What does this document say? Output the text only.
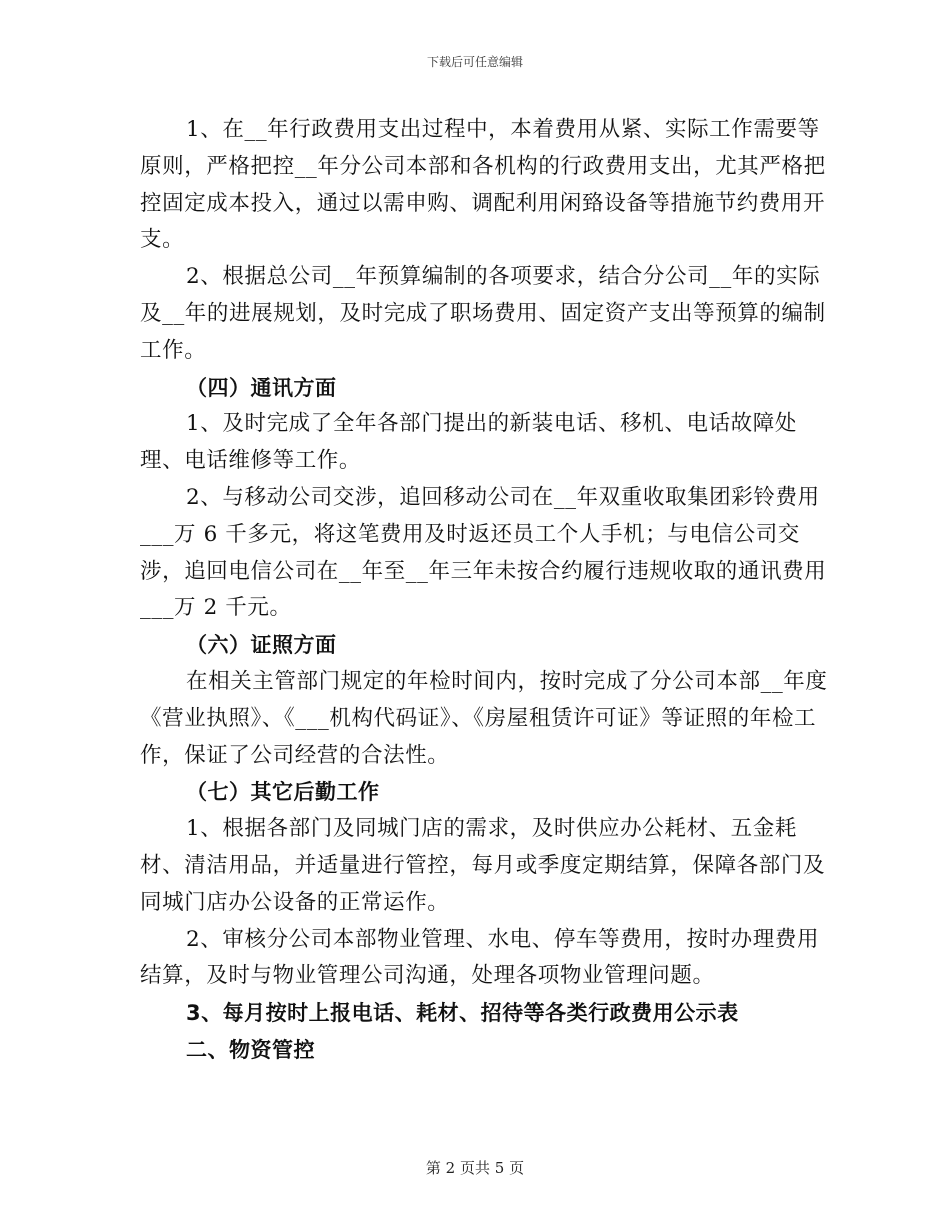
下载后可任意编辑

1、在__年行政费用支出过程中，本着费用从紧、实际工作需要等原则，严格把控__年分公司本部和各机构的行政费用支出，尤其严格把控固定成本投入，通过以需申购、调配利用闲臵设备等措施节约费用开支。

2、根据总公司__年预算编制的各项要求，结合分公司__年的实际及__年的进展规划，及时完成了职场费用、固定资产支出等预算的编制工作。

（四）通讯方面

1、及时完成了全年各部门提出的新装电话、移机、电话故障处理、电话维修等工作。

2、与移动公司交涉，追回移动公司在__年双重收取集团彩铃费用___万 6 千多元，将这笔费用及时返还员工个人手机；与电信公司交涉，追回电信公司在__年至__年三年未按合约履行违规收取的通讯费用___万 2 千元。

（六）证照方面

在相关主管部门规定的年检时间内，按时完成了分公司本部__年度《营业执照》、《___机构代码证》、《房屋租赁许可证》等证照的年检工作，保证了公司经营的合法性。

（七）其它后勤工作

1、根据各部门及同城门店的需求，及时供应办公耗材、五金耗材、清洁用品，并适量进行管控，每月或季度定期结算，保障各部门及同城门店办公设备的正常运作。

2、审核分公司本部物业管理、水电、停车等费用，按时办理费用结算，及时与物业管理公司沟通，处理各项物业管理问题。

3、每月按时上报电话、耗材、招待等各类行政费用公示表

二、物资管控

第 2 页共 5 页
